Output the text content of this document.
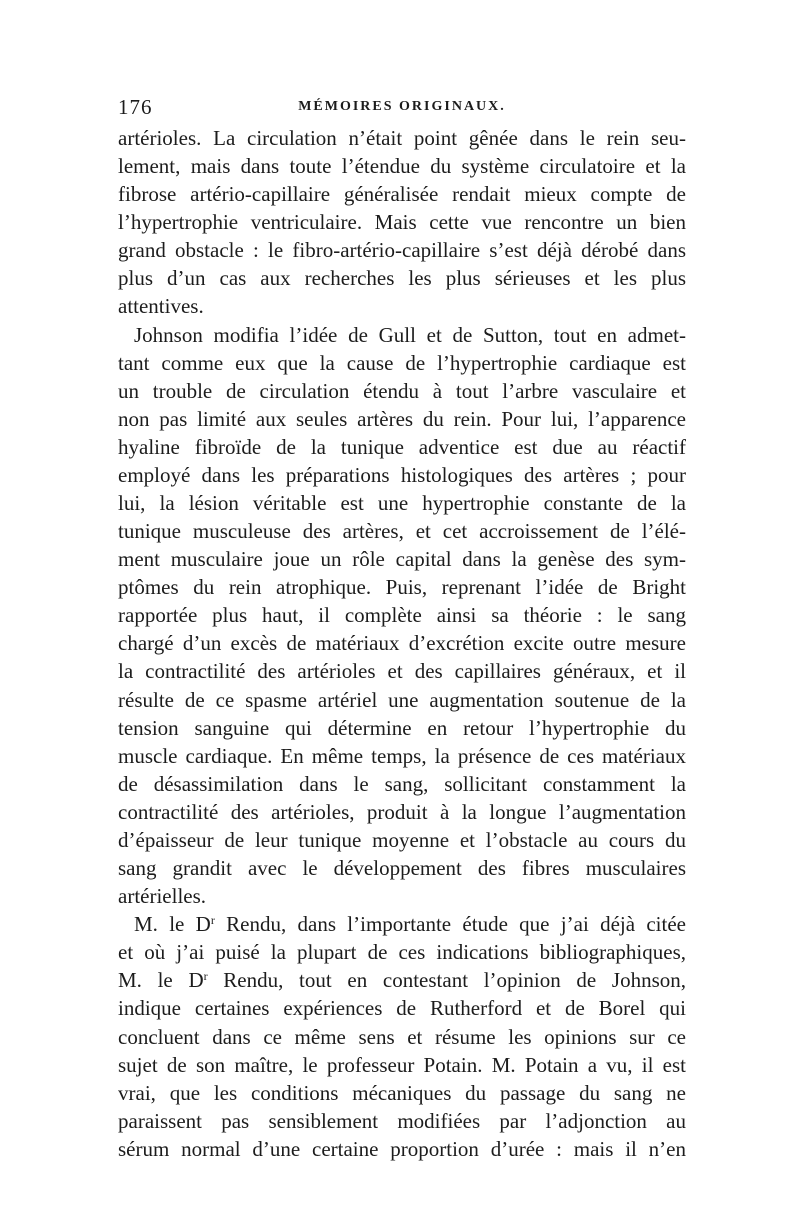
176	MÉMOIRES ORIGINAUX.
artérioles. La circulation n’était point gênée dans le rein seu-
lement, mais dans toute l’étendue du système circulatoire et la
fibrose artério-capillaire généralisée rendait mieux compte de
l’hypertrophie ventriculaire. Mais cette vue rencontre un bien
grand obstacle : le fibro-artério-capillaire s’est déjà dérobé dans
plus d’un cas aux recherches les plus sérieuses et les plus
attentives.
Johnson modifia l’idée de Gull et de Sutton, tout en admet-
tant comme eux que la cause de l’hypertrophie cardiaque est
un trouble de circulation étendu à tout l’arbre vasculaire et
non pas limité aux seules artères du rein. Pour lui, l’apparence
hyaline fibroïde de la tunique adventice est due au réactif
employé dans les préparations histologiques des artères ; pour
lui, la lésion véritable est une hypertrophie constante de la
tunique musculeuse des artères, et cet accroissement de l’élé-
ment musculaire joue un rôle capital dans la genèse des sym-
ptômes du rein atrophique. Puis, reprenant l’idée de Bright
rapportée plus haut, il complète ainsi sa théorie : le sang
chargé d’un excès de matériaux d’excrétion excite outre mesure
la contractilité des artérioles et des capillaires généraux, et il
résulte de ce spasme artériel une augmentation soutenue de la
tension sanguine qui détermine en retour l’hypertrophie du
muscle cardiaque. En même temps, la présence de ces matériaux
de désassimilation dans le sang, sollicitant constamment la
contractilité des artérioles, produit à la longue l’augmentation
d’épaisseur de leur tunique moyenne et l’obstacle au cours du
sang grandit avec le développement des fibres musculaires
artérielles.
M. le $D^r$ Rendu, dans l’importante étude que j’ai déjà citée
et où j’ai puisé la plupart de ces indications bibliographiques,
M. le $D^r$ Rendu, tout en contestant l’opinion de Johnson,
indique certaines expériences de Rutherford et de Borel qui
concluent dans ce même sens et résume les opinions sur ce
sujet de son maître, le professeur Potain. M. Potain a vu, il est
vrai, que les conditions mécaniques du passage du sang ne
paraissent pas sensiblement modifiées par l’adjonction au
sérum normal d’une certaine proportion d’urée : mais il n’en
